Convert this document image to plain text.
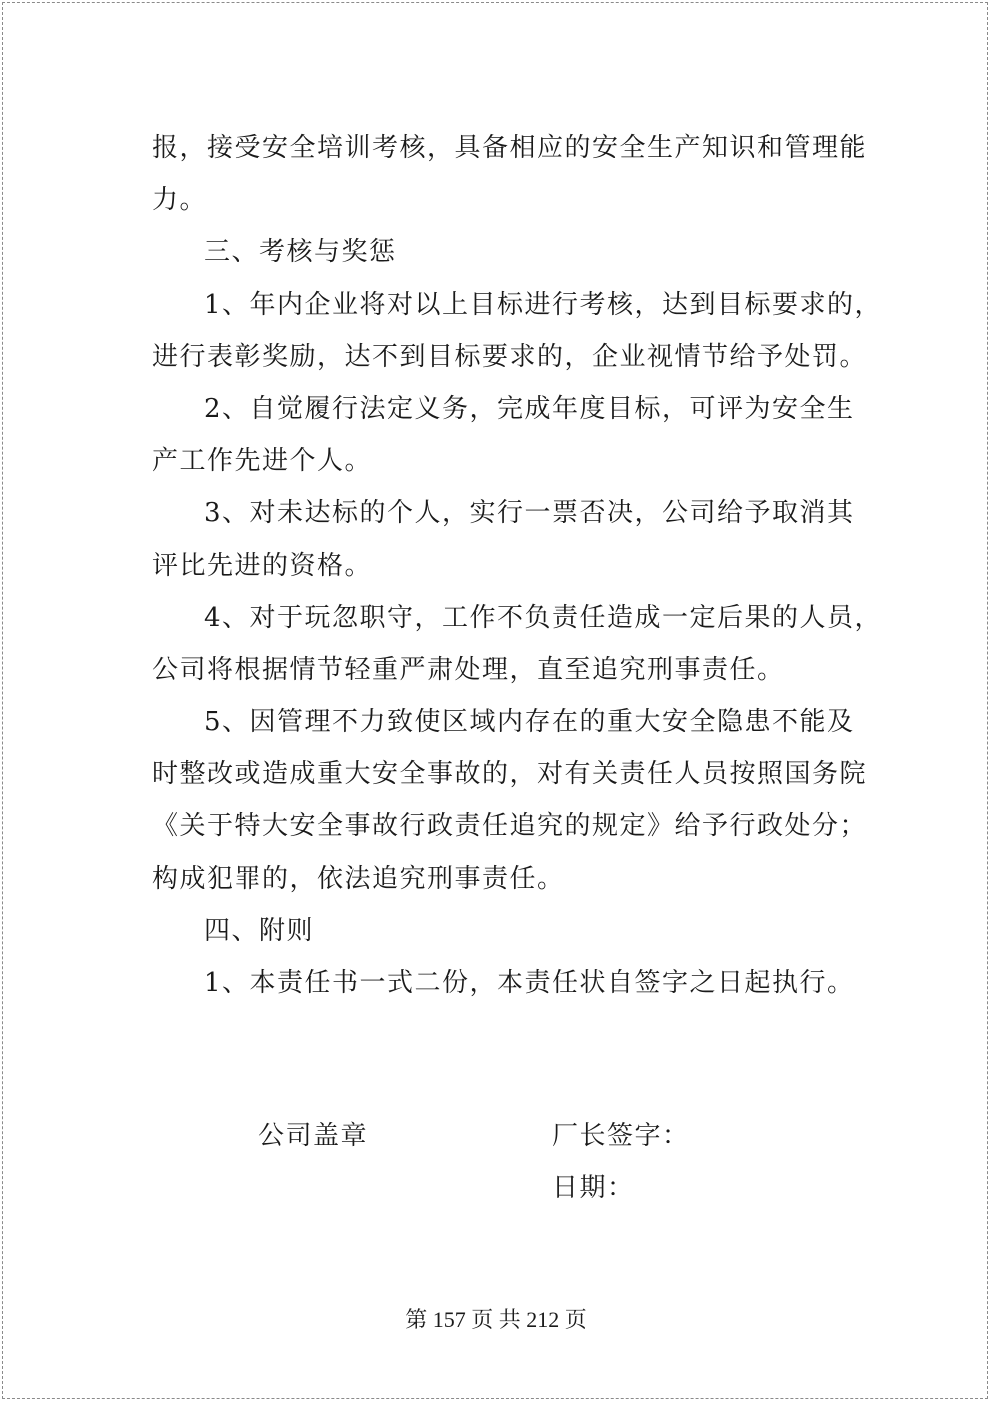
报，接受安全培训考核，具备相应的安全生产知识和管理能
力。
三、考核与奖惩
1、年内企业将对以上目标进行考核，达到目标要求的，
进行表彰奖励，达不到目标要求的，企业视情节给予处罚。
2、自觉履行法定义务，完成年度目标，可评为安全生
产工作先进个人。
3、对未达标的个人，实行一票否决，公司给予取消其
评比先进的资格。
4、对于玩忽职守，工作不负责任造成一定后果的人员，
公司将根据情节轻重严肃处理，直至追究刑事责任。
5、因管理不力致使区域内存在的重大安全隐患不能及
时整改或造成重大安全事故的，对有关责任人员按照国务院
《关于特大安全事故行政责任追究的规定》给予行政处分；
构成犯罪的，依法追究刑事责任。
四、附则
1、本责任书一式二份，本责任状自签字之日起执行。
公司盖章	厂长签字：
日期：
第 157 页 共 212 页
